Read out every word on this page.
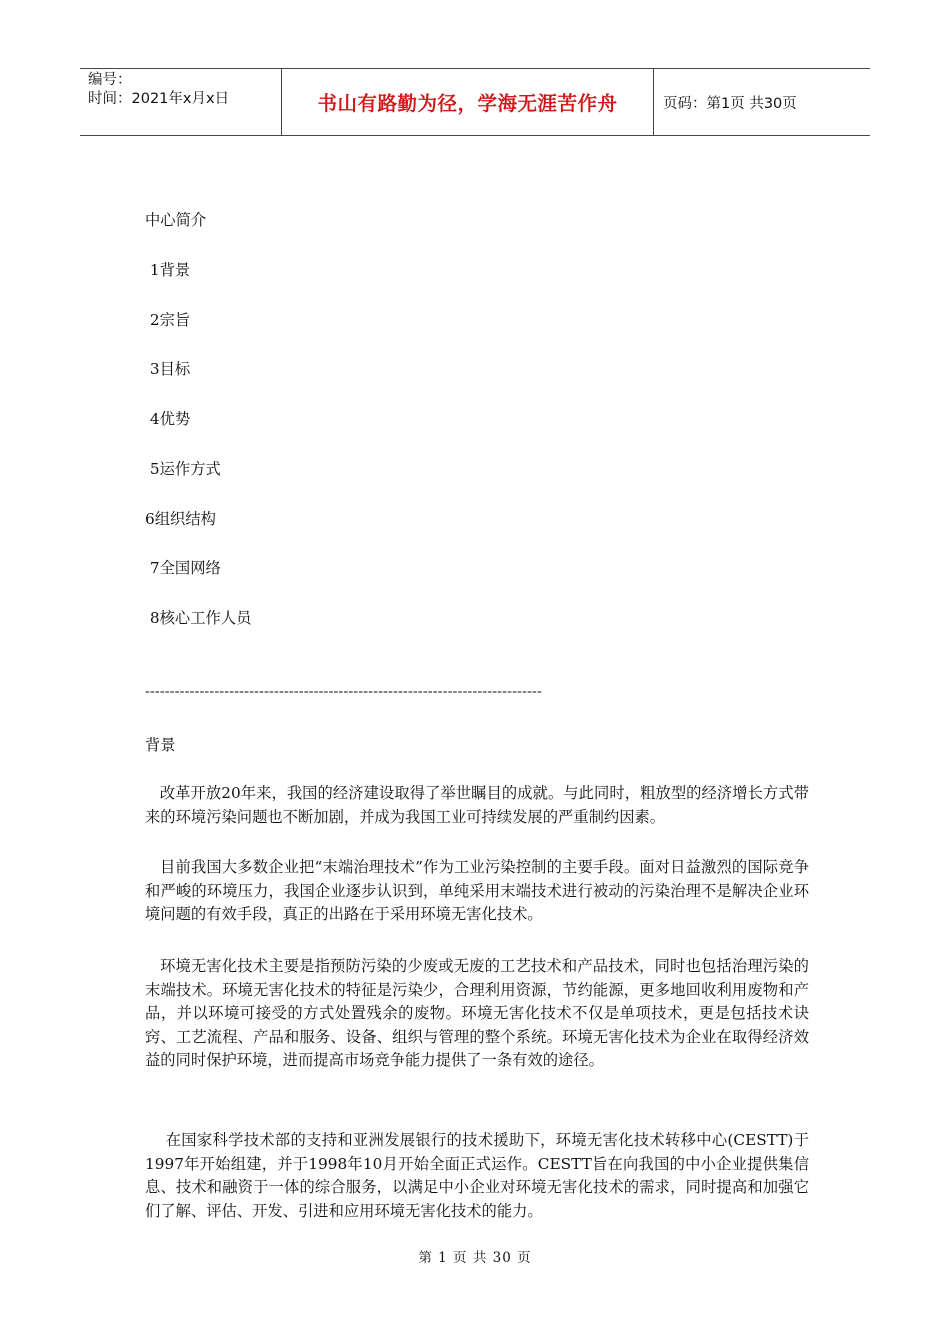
编号：
时间：2021年x月x日	书山有路勤为径，学海无涯苦作舟	页码：第1页 共30页
中心简介
1背景
2宗旨
3目标
4优势
5运作方式
6组织结构
7全国网络
8核心工作人员
--------------------------------------------------------------------------------
背景
改革开放20年来，我国的经济建设取得了举世瞩目的成就。与此同时，粗放型的经济增长方式带来的环境污染问题也不断加剧，并成为我国工业可持续发展的严重制约因素。
目前我国大多数企业把“末端治理技术”作为工业污染控制的主要手段。面对日益激烈的国际竞争和严峻的环境压力，我国企业逐步认识到，单纯采用末端技术进行被动的污染治理不是解决企业环境问题的有效手段，真正的出路在于采用环境无害化技术。
环境无害化技术主要是指预防污染的少废或无废的工艺技术和产品技术，同时也包括治理污染的末端技术。环境无害化技术的特征是污染少，合理利用资源，节约能源，更多地回收利用废物和产品，并以环境可接受的方式处置残余的废物。环境无害化技术不仅是单项技术，更是包括技术诀窍、工艺流程、产品和服务、设备、组织与管理的整个系统。环境无害化技术为企业在取得经济效益的同时保护环境，进而提高市场竞争能力提供了一条有效的途径。
在国家科学技术部的支持和亚洲发展银行的技术援助下，环境无害化技术转移中心(CESTT)于1997年开始组建，并于1998年10月开始全面正式运作。CESTT旨在向我国的中小企业提供集信息、技术和融资于一体的综合服务，以满足中小企业对环境无害化技术的需求，同时提高和加强它们了解、评估、开发、引进和应用环境无害化技术的能力。
第 1 页 共 30 页
